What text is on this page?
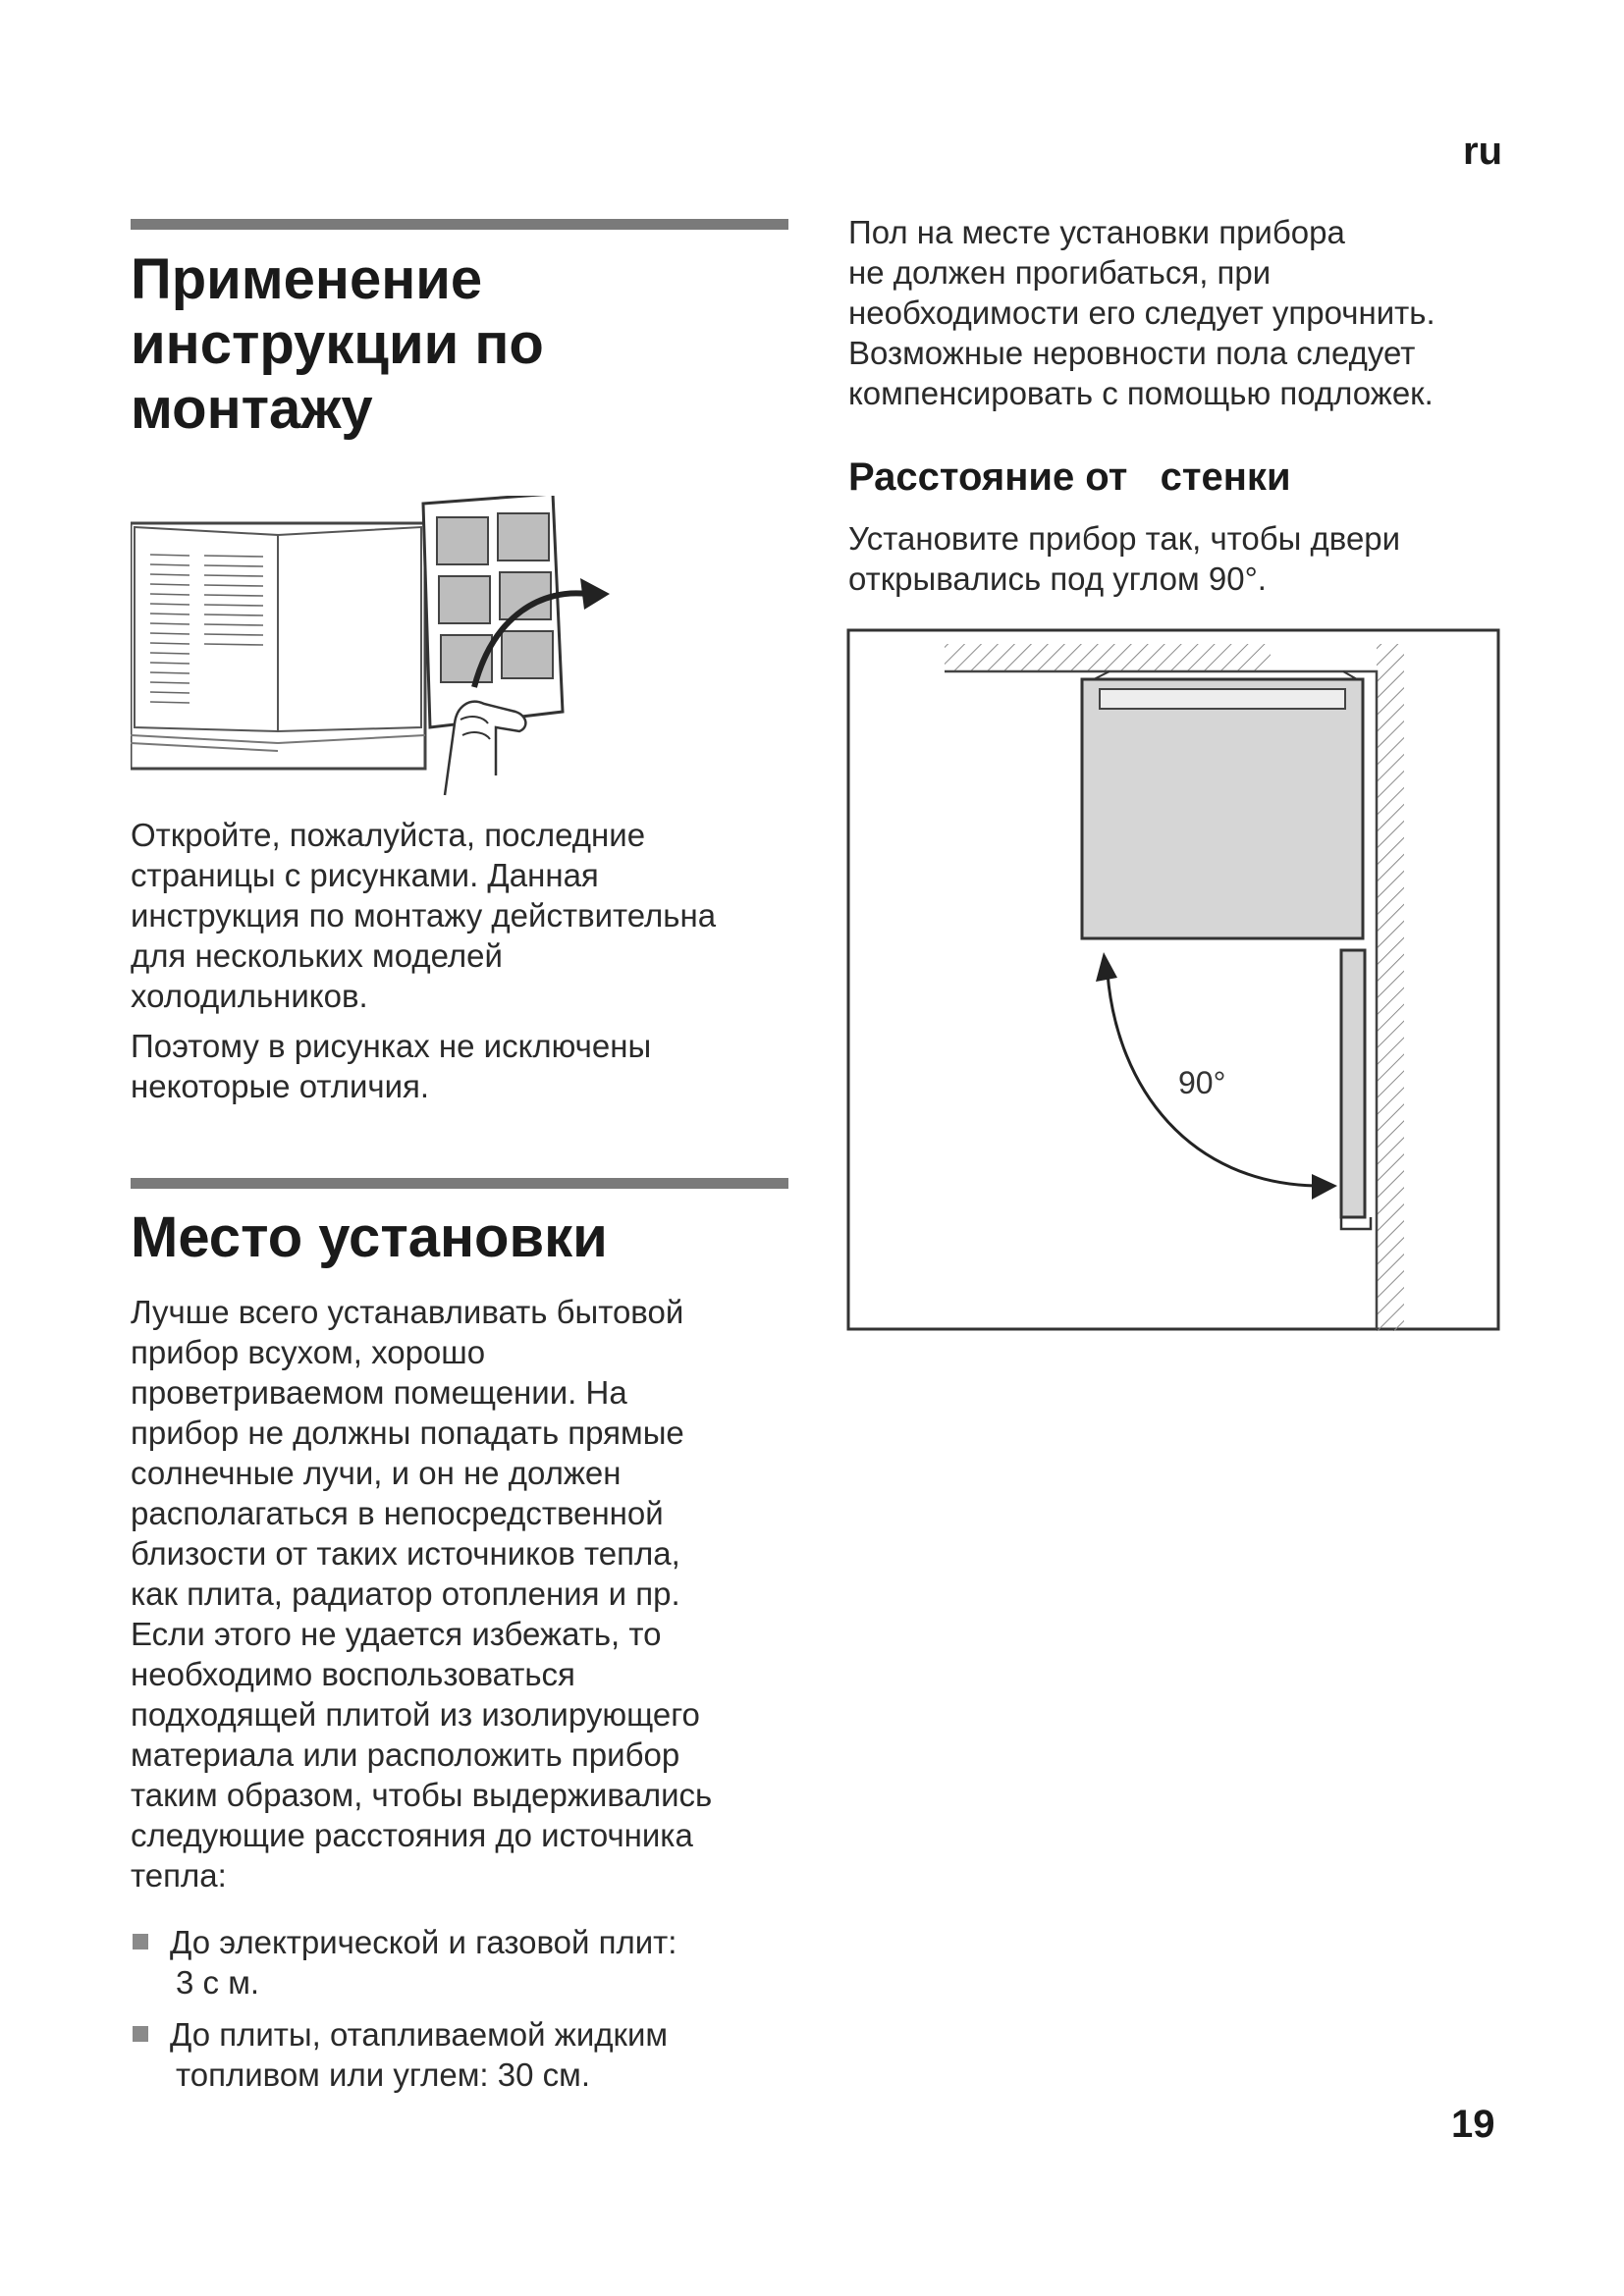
ru
Применение
инструкции по
монтажу

Откройте, пожалуйста, последние
страницы с рисунками. Данная
инструкция по монтажу действительна
для нескольких моделей
холодильников.

Поэтому в рисунках не исключены
некоторые отличия.

Место установки

Лучше всего устанавливать бытовой
прибор всухом, хорошо
проветриваемом помещении. На
прибор не должны попадать прямые
солнечные лучи, и он не должен
располагаться в непосредственной
близости от таких источников тепла,
как плита, радиатор отопления и пр.
Если этого не удается избежать, то
необходимо воспользоваться
подходящей плитой из изолирующего
материала или расположить прибор
таким образом, чтобы выдерживались
следующие расстояния до источника
тепла:

До электрической и газовой плит:
3 с м.
До плиты, отапливаемой жидким
топливом или углем: 30 см.

Пол на месте установки прибора
не должен прогибаться, при
необходимости его следует упрочнить.
Возможные неровности пола следует
компенсировать с помощью подложек.

Расстояние от   стенки

Установите прибор так, чтобы двери
открывались под углом 90°.

90°
19
